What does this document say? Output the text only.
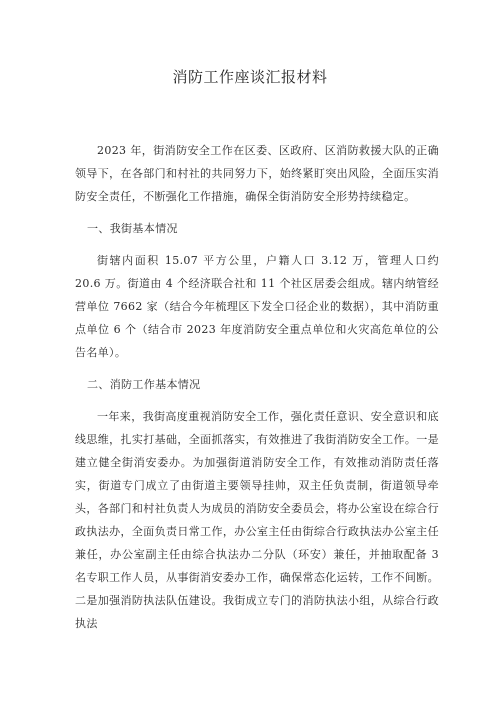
消防工作座谈汇报材料

2023 年，街消防安全工作在区委、区政府、区消防救援大队的正确领导下，在各部门和村社的共同努力下，始终紧盯突出风险，全面压实消防安全责任，不断强化工作措施，确保全街消防安全形势持续稳定。

一、我街基本情况

街辖内面积 15.07 平方公里，户籍人口 3.12 万，管理人口约 20.6 万。街道由 4 个经济联合社和 11 个社区居委会组成。辖内纳管经营单位 7662 家（结合今年梳理区下发全口径企业的数据），其中消防重点单位 6 个（结合市 2023 年度消防安全重点单位和火灾高危单位的公告名单）。

二、消防工作基本情况

一年来，我街高度重视消防安全工作，强化责任意识、安全意识和底线思维，扎实打基础，全面抓落实，有效推进了我街消防安全工作。一是建立健全街消安委办。为加强街道消防安全工作，有效推动消防责任落实，街道专门成立了由街道主要领导挂帅，双主任负责制，街道领导牵头，各部门和村社负责人为成员的消防安全委员会，将办公室设在综合行政执法办，全面负责日常工作，办公室主任由街综合行政执法办公室主任兼任，办公室副主任由综合执法办二分队（环安）兼任，并抽取配备 3 名专职工作人员，从事街消安委办工作，确保常态化运转，工作不间断。二是加强消防执法队伍建设。我街成立专门的消防执法小组，从综合行政执法
